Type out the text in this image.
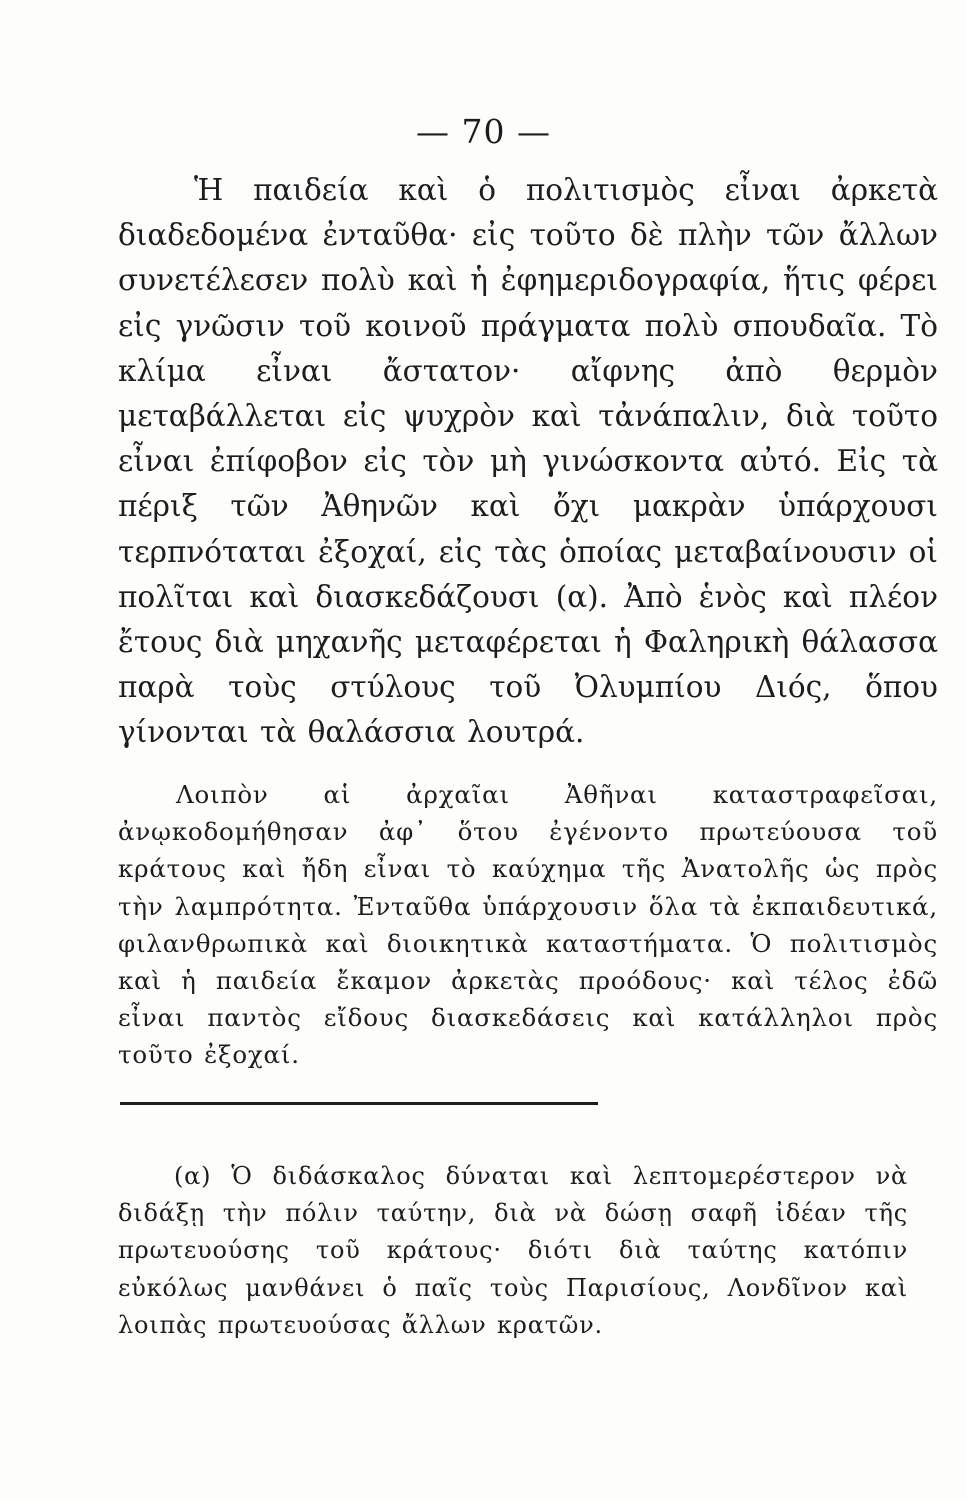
— 70 —

Ἡ παιδεία καὶ ὁ πολιτισμὸς εἶναι ἀρκετὰ διαδεδομένα ἐνταῦθα· εἰς τοῦτο δὲ πλὴν τῶν ἄλλων συνετέλεσεν πολὺ καὶ ἡ ἐφημεριδογραφία, ἥτις φέρει εἰς γνῶσιν τοῦ κοινοῦ πράγματα πολὺ σπουδαῖα. Τὸ κλίμα εἶναι ἄστατον· αἴφνης ἀπὸ θερμὸν μεταβάλλεται εἰς ψυχρὸν καὶ τἀνάπαλιν, διὰ τοῦτο εἶναι ἐπίφοβον εἰς τὸν μὴ γινώσκοντα αὐτό. Εἰς τὰ πέριξ τῶν Ἀθηνῶν καὶ ὄχι μακρὰν ὑπάρχουσι τερπνόταται ἐξοχαί, εἰς τὰς ὁποίας μεταβαίνουσιν οἱ πολῖται καὶ διασκεδάζουσι (α). Ἀπὸ ἑνὸς καὶ πλέον ἔτους διὰ μηχανῆς μεταφέρεται ἡ Φαληρικὴ θάλασσα παρὰ τοὺς στύλους τοῦ Ὀλυμπίου Διός, ὅπου γίνονται τὰ θαλάσσια λουτρά.

Λοιπὸν αἱ ἀρχαῖαι Ἀθῆναι καταστραφεῖσαι, ἀνῳκοδομήθησαν ἀφ᾽ ὅτου ἐγένοντο πρωτεύουσα τοῦ κράτους καὶ ἤδη εἶναι τὸ καύχημα τῆς Ἀνατολῆς ὡς πρὸς τὴν λαμπρότητα. Ἐνταῦθα ὑπάρχουσιν ὅλα τὰ ἐκπαιδευτικά, φιλανθρωπικὰ καὶ διοικητικὰ καταστήματα. Ὁ πολιτισμὸς καὶ ἡ παιδεία ἔκαμον ἀρκετὰς προόδους· καὶ τέλος ἐδῶ εἶναι παντὸς εἴδους διασκεδάσεις καὶ κατάλληλοι πρὸς τοῦτο ἐξοχαί.

(α) Ὁ διδάσκαλος δύναται καὶ λεπτομερέστερον νὰ διδάξῃ τὴν πόλιν ταύτην, διὰ νὰ δώσῃ σαφῆ ἰδέαν τῆς πρωτευούσης τοῦ κράτους· διότι διὰ ταύτης κατόπιν εὐκόλως μανθάνει ὁ παῖς τοὺς Παρισίους, Λονδῖνον καὶ λοιπὰς πρωτευούσας ἄλλων κρατῶν.
